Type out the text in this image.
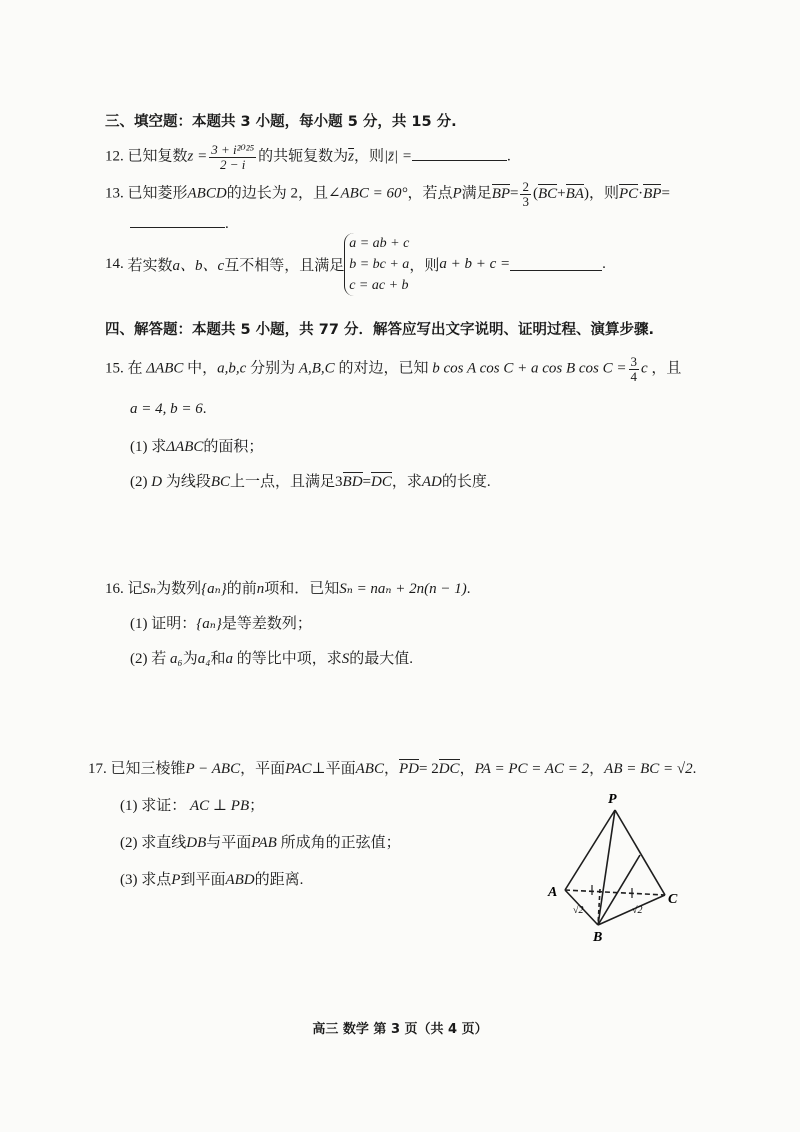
三、填空题：本题共 3 小题，每小题 5 分，共 15 分.
12. 已知复数$z = \frac{\text{3 + i²⁰²⁵}}{2 - i}$ 的共轭复数为$\overline{z}$，则|z̄| =	.
13. 已知菱形ABCD的边长为 2，且∠ABC = 60°，若点P满足$BP= \frac{2}{3} (BC+BA)$，则PC·BP=
.
14.
若实数 a、b、c 互不相等，且满足
a = ab + c
b = bc + a
c = ac + b
，则 a + b + c =	.
四、解答题：本题共 5 小题，共 77 分．解答应写出文字说明、证明过程、演算步骤.
15. 在 ΔABC 中，a,b,c 分别为 A,B,C 的对边，已知 b cos A cos C + a cos B $\cos C = \frac{3}{4}$ c ，且
a = 4, b = 6.
(1) 求ΔABC的面积；
(2) D 为线段BC上一点，且满足3BD=DC，求AD的长度.
16. 记Sₙ为数列{aₙ}的前n项和．已知Sₙ = naₙ + 2n(n − 1).
(1) 证明：{aₙ}是等差数列；
(2) 若 a₆为a₄和a 的等比中项，求S的最大值.
17. 已知三棱锥P − ABC，平面PAC⊥平面ABC，PD= 2DC，PA = PC = AC = 2，AB = BC = √2.
(1) 求证： AC ⊥ PB；
(2) 求直线DB与平面PAB 所成角的正弦值；
(3) 求点P到平面ABD的距离.
P
A	C
B
√2	√2
高三 数学 第 3 页（共 4 页）
